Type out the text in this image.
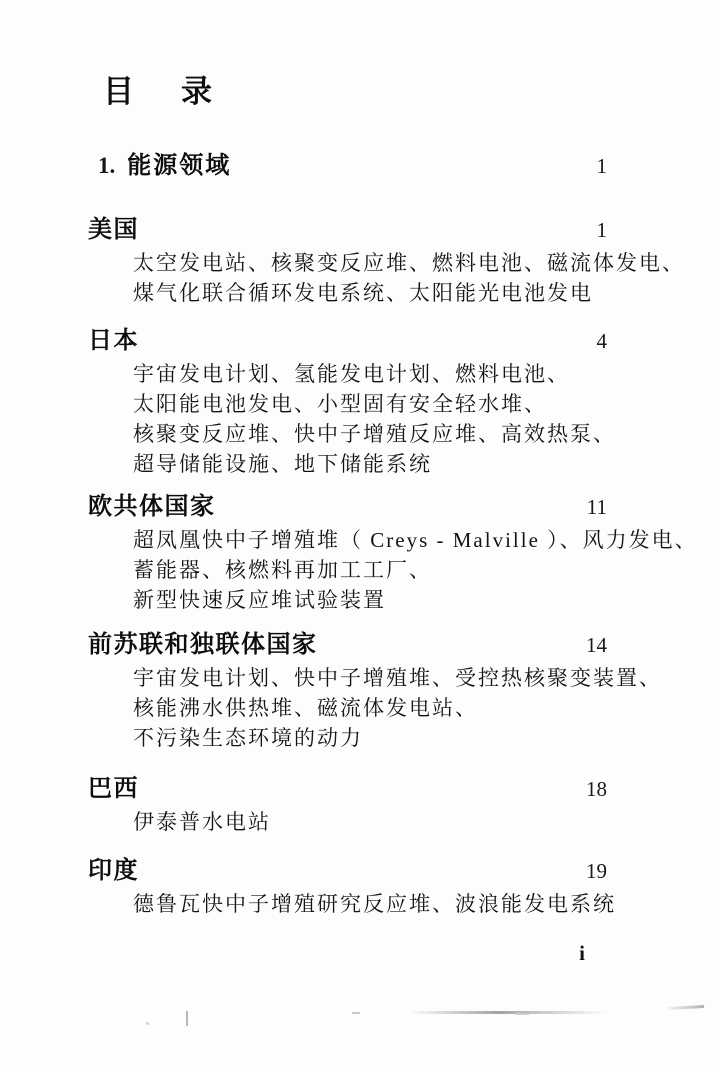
目 录
1. 能源领域	1
美国	1
太空发电站、核聚变反应堆、燃料电池、磁流体发电、
煤气化联合循环发电系统、太阳能光电池发电
日本	4
宇宙发电计划、氢能发电计划、燃料电池、
太阳能电池发电、小型固有安全轻水堆、
核聚变反应堆、快中子增殖反应堆、高效热泵、
超导储能设施、地下储能系统
欧共体国家	11
超凤凰快中子增殖堆（ Creys - Malville ）、风力发电、
蓄能器、核燃料再加工工厂、
新型快速反应堆试验装置
前苏联和独联体国家	14
宇宙发电计划、快中子增殖堆、受控热核聚变装置、
核能沸水供热堆、磁流体发电站、
不污染生态环境的动力
巴西	18
伊泰普水电站
印度	19
德鲁瓦快中子增殖研究反应堆、波浪能发电系统
i
